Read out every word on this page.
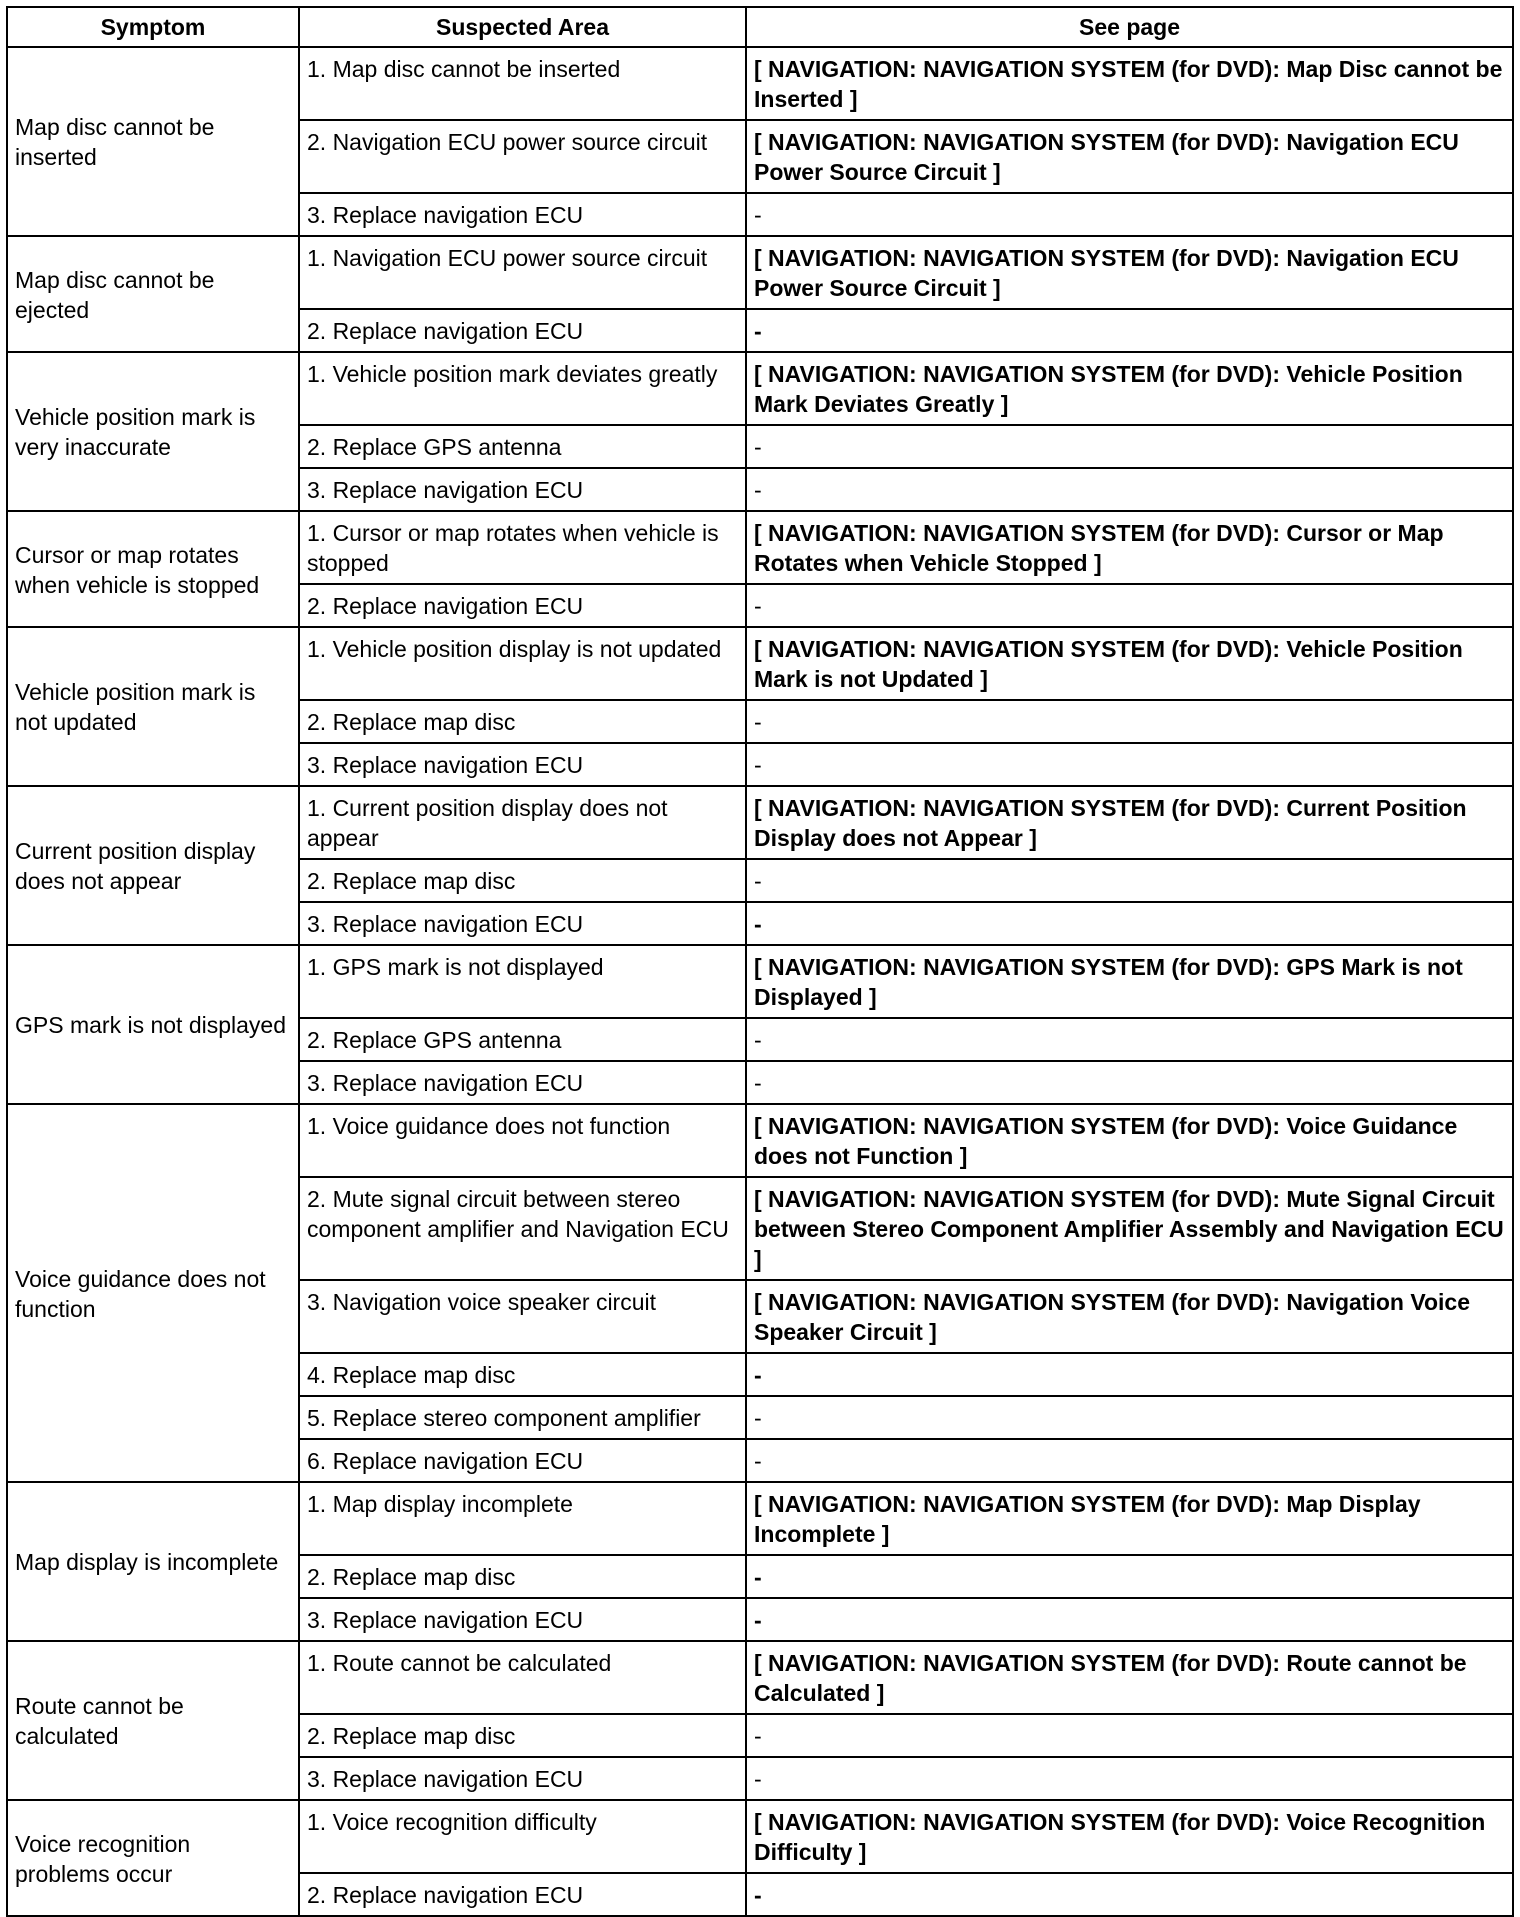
Symptom	Suspected Area	See page
Map disc cannot be inserted	1. Map disc cannot be inserted	[ NAVIGATION: NAVIGATION SYSTEM (for DVD): Map Disc cannot be Inserted ]
	2. Navigation ECU power source circuit	[ NAVIGATION: NAVIGATION SYSTEM (for DVD): Navigation ECU Power Source Circuit ]
	3. Replace navigation ECU	-
Map disc cannot be ejected	1. Navigation ECU power source circuit	[ NAVIGATION: NAVIGATION SYSTEM (for DVD): Navigation ECU Power Source Circuit ]
	2. Replace navigation ECU	-
Vehicle position mark is very inaccurate	1. Vehicle position mark deviates greatly	[ NAVIGATION: NAVIGATION SYSTEM (for DVD): Vehicle Position Mark Deviates Greatly ]
	2. Replace GPS antenna	-
	3. Replace navigation ECU	-
Cursor or map rotates when vehicle is stopped	1. Cursor or map rotates when vehicle is stopped	[ NAVIGATION: NAVIGATION SYSTEM (for DVD): Cursor or Map Rotates when Vehicle Stopped ]
	2. Replace navigation ECU	-
Vehicle position mark is not updated	1. Vehicle position display is not updated	[ NAVIGATION: NAVIGATION SYSTEM (for DVD): Vehicle Position Mark is not Updated ]
	2. Replace map disc	-
	3. Replace navigation ECU	-
Current position display does not appear	1. Current position display does not appear	[ NAVIGATION: NAVIGATION SYSTEM (for DVD): Current Position Display does not Appear ]
	2. Replace map disc	-
	3. Replace navigation ECU	-
GPS mark is not displayed	1. GPS mark is not displayed	[ NAVIGATION: NAVIGATION SYSTEM (for DVD): GPS Mark is not Displayed ]
	2. Replace GPS antenna	-
	3. Replace navigation ECU	-
Voice guidance does not function	1. Voice guidance does not function	[ NAVIGATION: NAVIGATION SYSTEM (for DVD): Voice Guidance does not Function ]
	2. Mute signal circuit between stereo component amplifier and Navigation ECU	[ NAVIGATION: NAVIGATION SYSTEM (for DVD): Mute Signal Circuit between Stereo Component Amplifier Assembly and Navigation ECU ]
	3. Navigation voice speaker circuit	[ NAVIGATION: NAVIGATION SYSTEM (for DVD): Navigation Voice Speaker Circuit ]
	4. Replace map disc	-
	5. Replace stereo component amplifier	-
	6. Replace navigation ECU	-
Map display is incomplete	1. Map display incomplete	[ NAVIGATION: NAVIGATION SYSTEM (for DVD): Map Display Incomplete ]
	2. Replace map disc	-
	3. Replace navigation ECU	-
Route cannot be calculated	1. Route cannot be calculated	[ NAVIGATION: NAVIGATION SYSTEM (for DVD): Route cannot be Calculated ]
	2. Replace map disc	-
	3. Replace navigation ECU	-
Voice recognition problems occur	1. Voice recognition difficulty	[ NAVIGATION: NAVIGATION SYSTEM (for DVD): Voice Recognition Difficulty ]
	2. Replace navigation ECU	-
